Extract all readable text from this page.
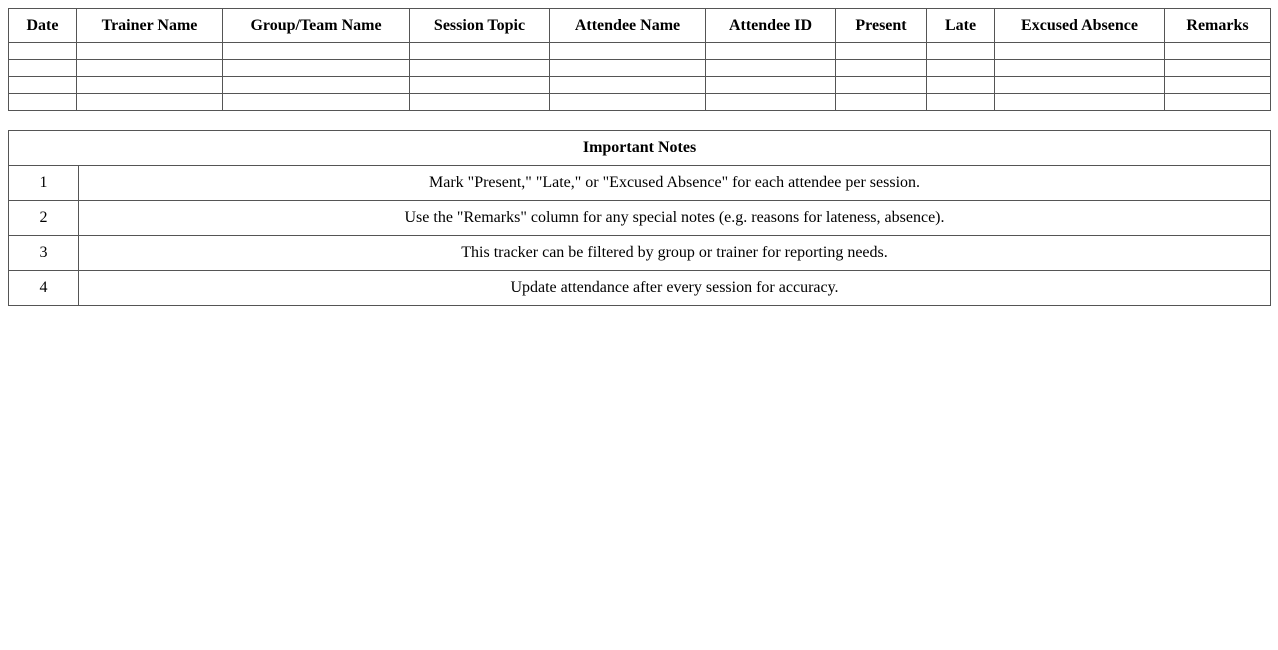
Date	Trainer Name	Group/Team Name	Session Topic	Attendee Name	Attendee ID	Present	Late	Excused Absence	Remarks

Important Notes	
1	Mark "Present," "Late," or "Excused Absence" for each attendee per session.
2	Use the "Remarks" column for any special notes (e.g. reasons for lateness, absence).
3	This tracker can be filtered by group or trainer for reporting needs.
4	Update attendance after every session for accuracy.
